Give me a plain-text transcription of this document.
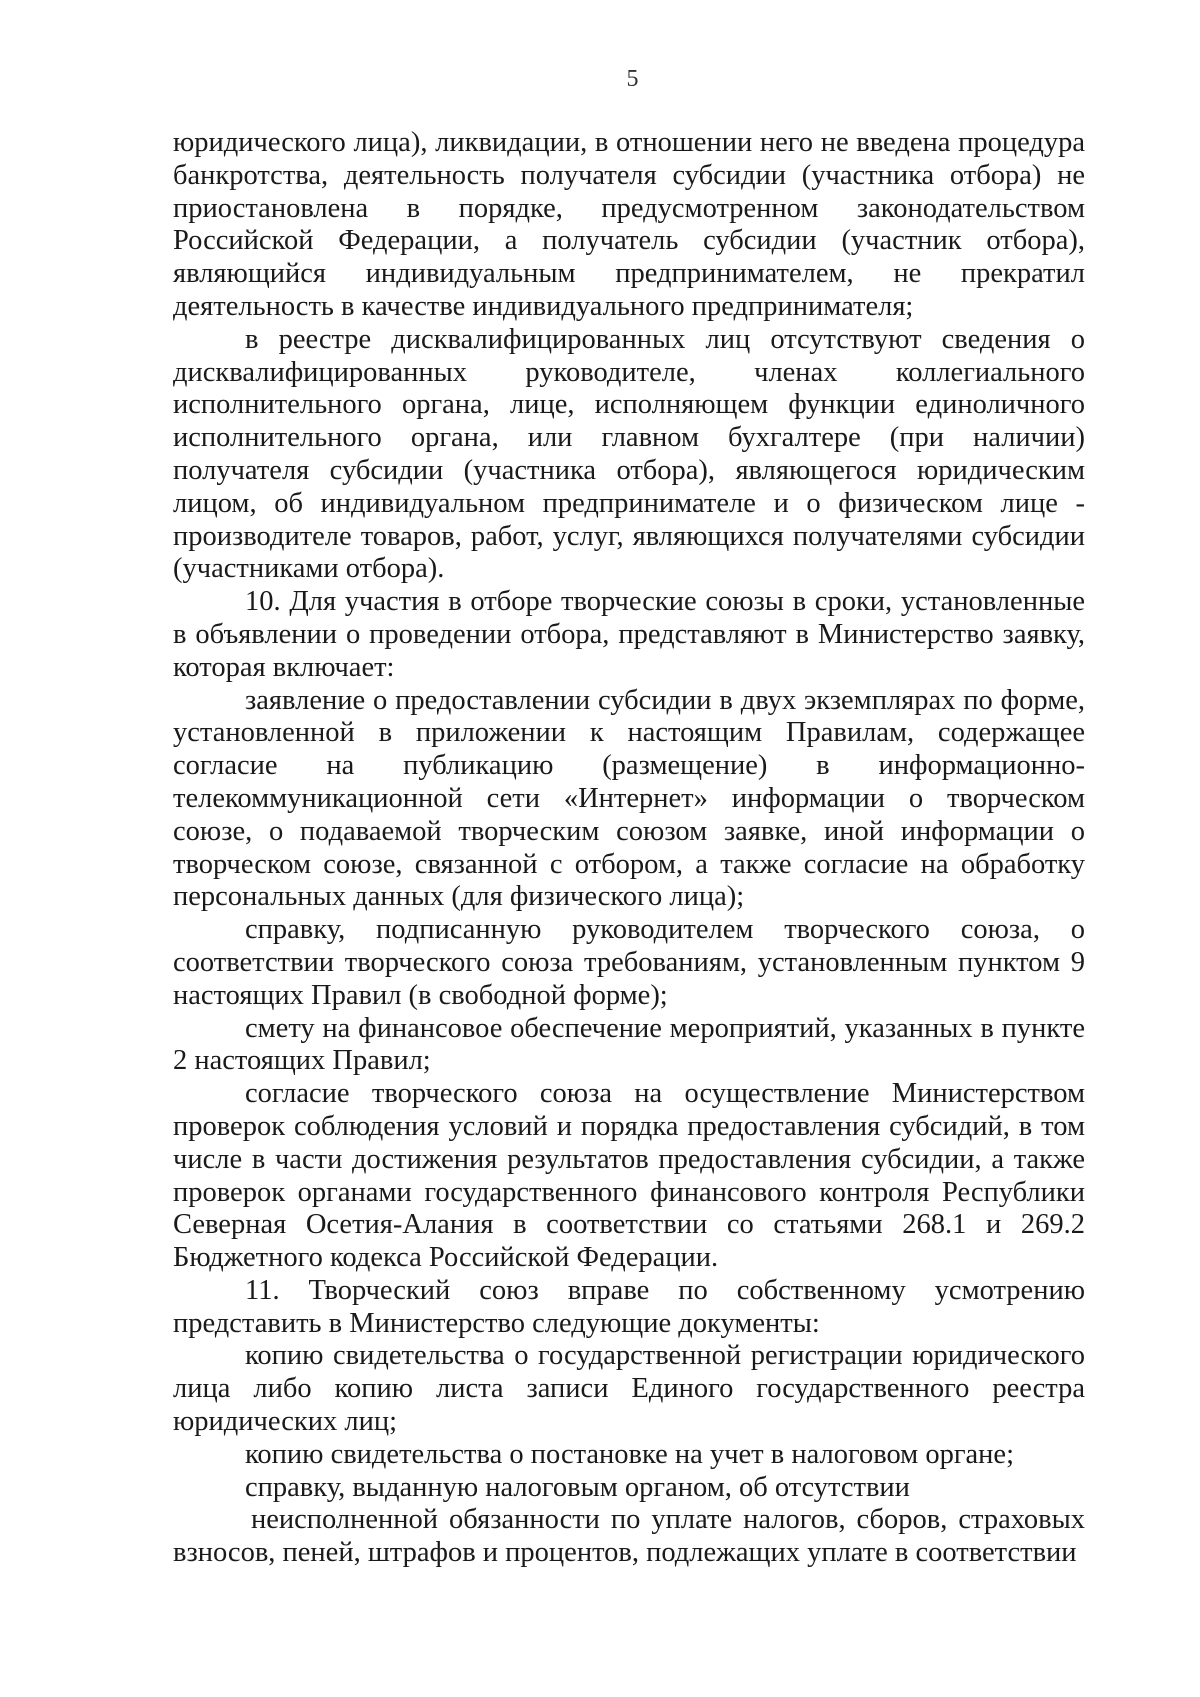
5

юридического лица), ликвидации, в отношении него не введена процедура банкротства, деятельность получателя субсидии (участника отбора) не приостановлена в порядке, предусмотренном законодательством Российской Федерации, а получатель субсидии (участник отбора), являющийся индивидуальным предпринимателем, не прекратил деятельность в качестве индивидуального предпринимателя;

в реестре дисквалифицированных лиц отсутствуют сведения о дисквалифицированных руководителе, членах коллегиального исполнительного органа, лице, исполняющем функции единоличного исполнительного органа, или главном бухгалтере (при наличии) получателя субсидии (участника отбора), являющегося юридическим лицом, об индивидуальном предпринимателе и о физическом лице - производителе товаров, работ, услуг, являющихся получателями субсидии (участниками отбора).

10. Для участия в отборе творческие союзы в сроки, установленные в объявлении о проведении отбора, представляют в Министерство заявку, которая включает:

заявление о предоставлении субсидии в двух экземплярах по форме, установленной в приложении к настоящим Правилам, содержащее согласие на публикацию (размещение) в информационно-телекоммуникационной сети «Интернет» информации о творческом союзе, о подаваемой творческим союзом заявке, иной информации о творческом союзе, связанной с отбором, а также согласие на обработку персональных данных (для физического лица);

справку, подписанную руководителем творческого союза, о соответствии творческого союза требованиям, установленным пунктом 9 настоящих Правил (в свободной форме);

смету на финансовое обеспечение мероприятий, указанных в пункте 2 настоящих Правил;

согласие творческого союза на осуществление Министерством проверок соблюдения условий и порядка предоставления субсидий, в том числе в части достижения результатов предоставления субсидии, а также проверок органами государственного финансового контроля Республики Северная Осетия-Алания в соответствии со статьями 268.1 и 269.2 Бюджетного кодекса Российской Федерации.

11. Творческий союз вправе по собственному усмотрению представить в Министерство следующие документы:

копию свидетельства о государственной регистрации юридического лица либо копию листа записи Единого государственного реестра юридических лиц;

копию свидетельства о постановке на учет в налоговом органе;

справку, выданную налоговым органом, об отсутствии

неисполненной обязанности по уплате налогов, сборов, страховых взносов, пеней, штрафов и процентов, подлежащих уплате в соответствии
